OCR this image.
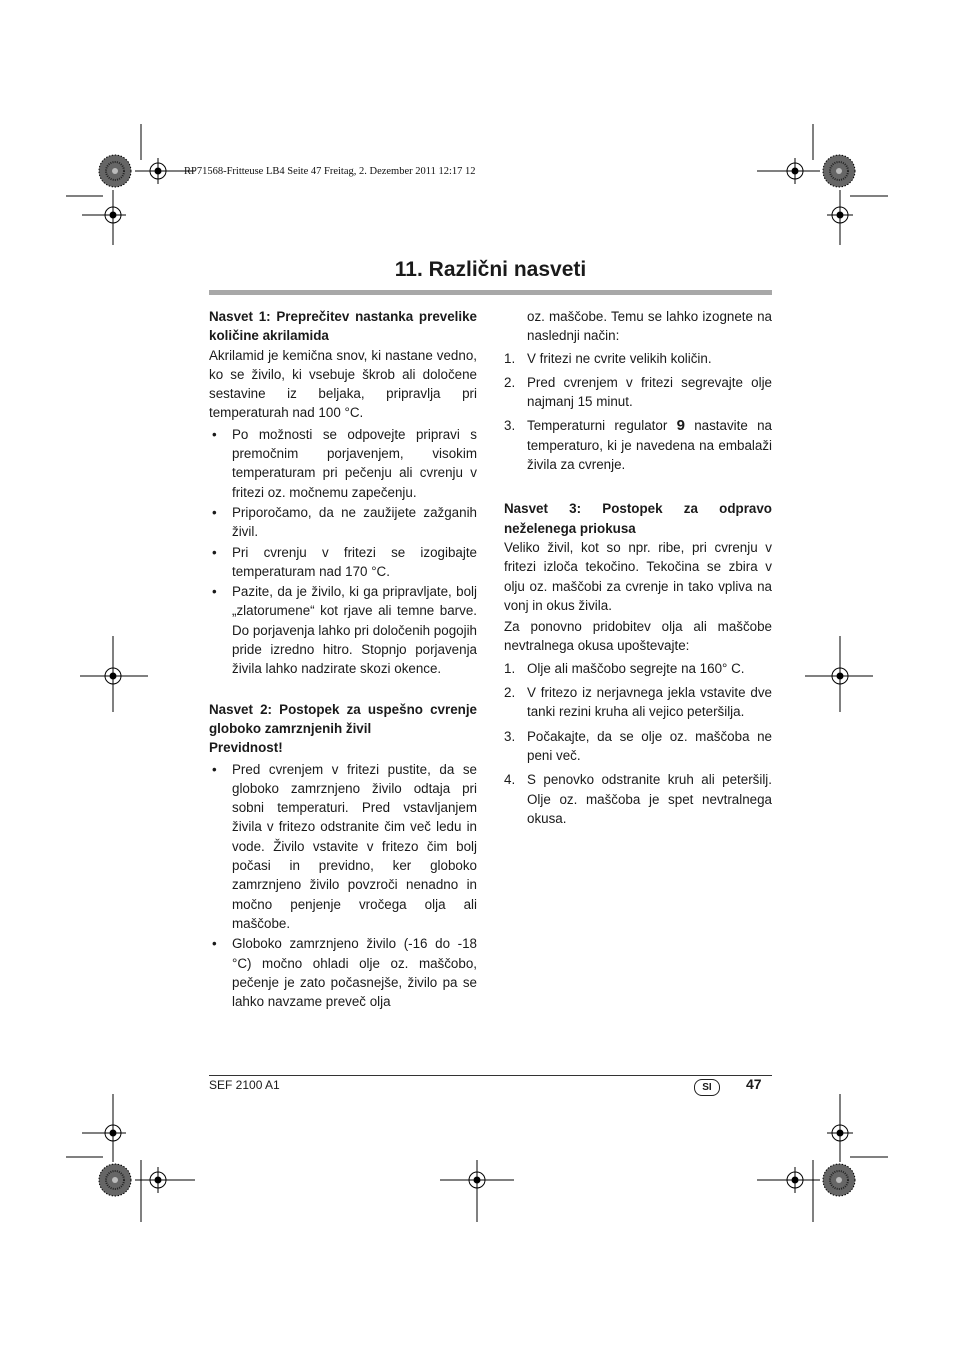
RP71568-Fritteuse LB4 Seite 47 Freitag, 2. Dezember 2011 12:17 12
11. Različni nasveti

Nasvet 1: Preprečitev nastanka prevelike količine akrilamida

Akrilamid je kemična snov, ki nastane vedno, ko se živilo, ki vsebuje škrob ali določene sestavine iz beljaka, pripravlja pri temperaturah nad 100 °C.

• Po možnosti se odpovejte pripravi s premočnim porjavenjem, visokim temperaturam pri pečenju ali cvrenju v fritezi oz. močnemu zapečenju.
• Priporočamo, da ne zaužijete zažganih živil.
• Pri cvrenju v fritezi se izogibajte temperaturam nad 170 °C.
• Pazite, da je živilo, ki ga pripravljate, bolj „zlatorumene“ kot rjave ali temne barve. Do porjavenja lahko pri določenih pogojih pride izredno hitro. Stopnjo porjavenja živila lahko nadzirate skozi okence.

Nasvet 2: Postopek za uspešno cvrenje globoko zamrznjenih živil

Previdnost!

• Pred cvrenjem v fritezi pustite, da se globoko zamrznjeno živilo odtaja pri sobni temperaturi. Pred vstavljanjem živila v fritezo odstranite čim več ledu in vode. Živilo vstavite v fritezo čim bolj počasi in previdno, ker globoko zamrznjeno živilo povzroči nenadno in močno penjenje vročega olja ali maščobe.
• Globoko zamrznjeno živilo (-16 do -18 °C) močno ohladi olje oz. maščobo, pečenje je zato počasnejše, živilo pa se lahko navzame preveč olja

oz. maščobe. Temu se lahko izognete na naslednji način:

1. V fritezi ne cvrite velikih količin.
2. Pred cvrenjem v fritezi segrevajte olje najmanj 15 minut.
3. Temperaturni regulator 9 nastavite na temperaturo, ki je navedena na embalaži živila za cvrenje.

Nasvet 3: Postopek za odpravo neželenega priokusa

Veliko živil, kot so npr. ribe, pri cvrenju v fritezi izloča tekočino. Tekočina se zbira v olju oz. maščobi za cvrenje in tako vpliva na vonj in okus živila.

Za ponovno pridobitev olja ali maščobe nevtralnega okusa upoštevajte:

1. Olje ali maščobo segrejte na 160° C.
2. V fritezo iz nerjavnega jekla vstavite dve tanki rezini kruha ali vejico peteršilja.
3. Počakajte, da se olje oz. maščoba ne peni več.
4. S penovko odstranite kruh ali peteršilj. Olje oz. maščoba je spet nevtralnega okusa.
SEF 2100 A1	SI	47
